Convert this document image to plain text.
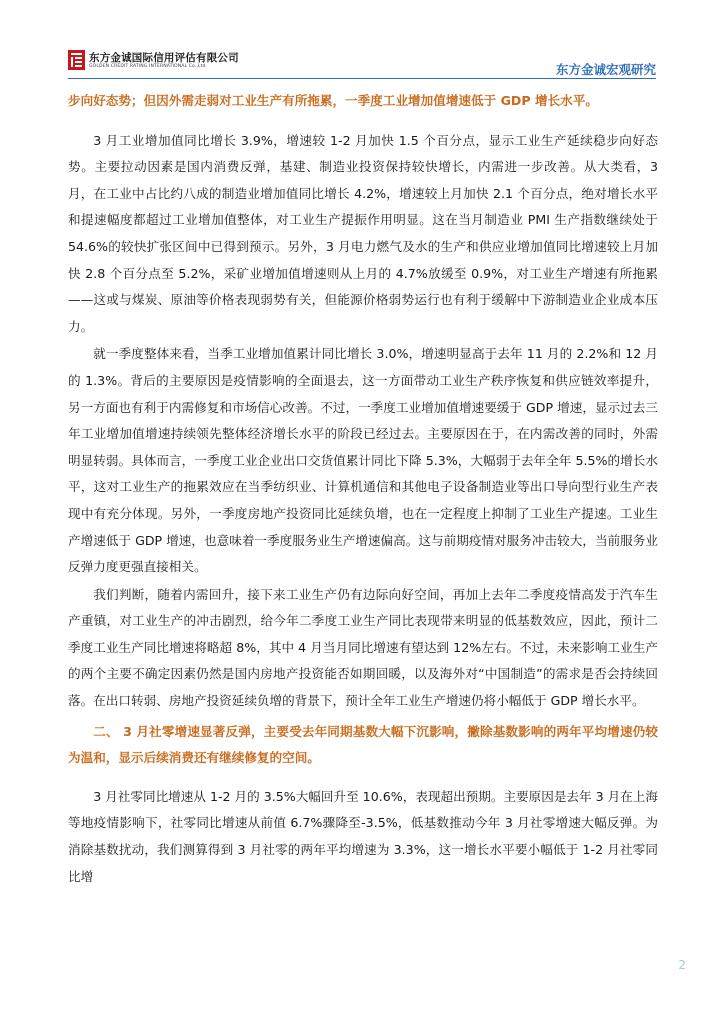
东方金诚国际信用评估有限公司
GOLDEN CREDIT RATING INTERNATIONAL Co.,Ltd.	东方金诚宏观研究

步向好态势；但因外需走弱对工业生产有所拖累，一季度工业增加值增速低于 GDP 增长水平。

3 月工业增加值同比增长 3.9%，增速较 1-2 月加快 1.5 个百分点，显示工业生产延续稳步向好态势。主要拉动因素是国内消费反弹，基建、制造业投资保持较快增长，内需进一步改善。从大类看，3 月，在工业中占比约八成的制造业增加值同比增长 4.2%，增速较上月加快 2.1 个百分点，绝对增长水平和提速幅度都超过工业增加值整体，对工业生产提振作用明显。这在当月制造业 PMI 生产指数继续处于 54.6%的较快扩张区间中已得到预示。另外，3 月电力燃气及水的生产和供应业增加值同比增速较上月加快 2.8 个百分点至 5.2%，采矿业增加值增速则从上月的 4.7%放缓至 0.9%，对工业生产增速有所拖累——这或与煤炭、原油等价格表现弱势有关，但能源价格弱势运行也有利于缓解中下游制造业企业成本压力。

就一季度整体来看，当季工业增加值累计同比增长 3.0%，增速明显高于去年 11 月的 2.2%和 12 月的 1.3%。背后的主要原因是疫情影响的全面退去，这一方面带动工业生产秩序恢复和供应链效率提升，另一方面也有利于内需修复和市场信心改善。不过，一季度工业增加值增速要缓于 GDP 增速，显示过去三年工业增加值增速持续领先整体经济增长水平的阶段已经过去。主要原因在于，在内需改善的同时，外需明显转弱。具体而言，一季度工业企业出口交货值累计同比下降 5.3%，大幅弱于去年全年 5.5%的增长水平，这对工业生产的拖累效应在当季纺织业、计算机通信和其他电子设备制造业等出口导向型行业生产表现中有充分体现。另外，一季度房地产投资同比延续负增，也在一定程度上抑制了工业生产提速。工业生产增速低于 GDP 增速，也意味着一季度服务业生产增速偏高。这与前期疫情对服务冲击较大，当前服务业反弹力度更强直接相关。

我们判断，随着内需回升，接下来工业生产仍有边际向好空间，再加上去年二季度疫情高发于汽车生产重镇，对工业生产的冲击剧烈，给今年二季度工业生产同比表现带来明显的低基数效应，因此，预计二季度工业生产同比增速将略超 8%，其中 4 月当月同比增速有望达到 12%左右。不过，未来影响工业生产的两个主要不确定因素仍然是国内房地产投资能否如期回暖，以及海外对“中国制造”的需求是否会持续回落。在出口转弱、房地产投资延续负增的背景下，预计全年工业生产增速仍将小幅低于 GDP 增长水平。

二、 3 月社零增速显著反弹，主要受去年同期基数大幅下沉影响，撇除基数影响的两年平均增速仍较为温和，显示后续消费还有继续修复的空间。

3 月社零同比增速从 1-2 月的 3.5%大幅回升至 10.6%，表现超出预期。主要原因是去年 3 月在上海等地疫情影响下，社零同比增速从前值 6.7%骤降至-3.5%，低基数推动今年 3 月社零增速大幅反弹。为消除基数扰动，我们测算得到 3 月社零的两年平均增速为 3.3%，这一增长水平要小幅低于 1-2 月社零同比增

2
